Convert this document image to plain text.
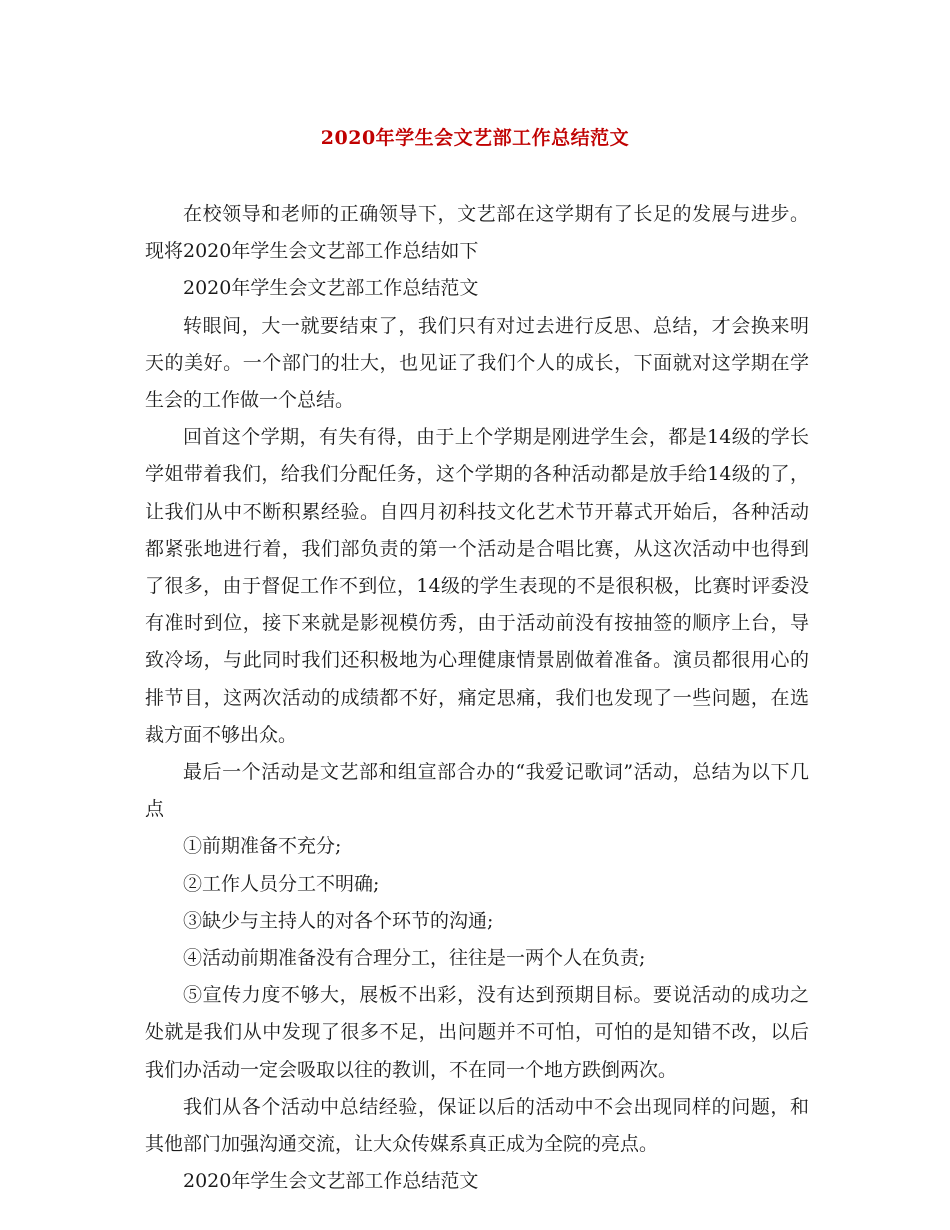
2020年学生会文艺部工作总结范文

在校领导和老师的正确领导下，文艺部在这学期有了长足的发展与进步。现将2020年学生会文艺部工作总结如下

2020年学生会文艺部工作总结范文

转眼间，大一就要结束了，我们只有对过去进行反思、总结，才会换来明天的美好。一个部门的壮大，也见证了我们个人的成长，下面就对这学期在学生会的工作做一个总结。

回首这个学期，有失有得，由于上个学期是刚进学生会，都是14级的学长学姐带着我们，给我们分配任务，这个学期的各种活动都是放手给14级的了，让我们从中不断积累经验。自四月初科技文化艺术节开幕式开始后，各种活动都紧张地进行着，我们部负责的第一个活动是合唱比赛，从这次活动中也得到了很多，由于督促工作不到位，14级的学生表现的不是很积极，比赛时评委没有准时到位，接下来就是影视模仿秀，由于活动前没有按抽签的顺序上台，导致冷场，与此同时我们还积极地为心理健康情景剧做着准备。演员都很用心的排节目，这两次活动的成绩都不好，痛定思痛，我们也发现了一些问题，在选裁方面不够出众。

最后一个活动是文艺部和组宣部合办的“我爱记歌词”活动，总结为以下几点

①前期准备不充分;

②工作人员分工不明确;

③缺少与主持人的对各个环节的沟通;

④活动前期准备没有合理分工，往往是一两个人在负责;

⑤宣传力度不够大，展板不出彩，没有达到预期目标。要说活动的成功之处就是我们从中发现了很多不足，出问题并不可怕，可怕的是知错不改，以后我们办活动一定会吸取以往的教训，不在同一个地方跌倒两次。

我们从各个活动中总结经验，保证以后的活动中不会出现同样的问题，和其他部门加强沟通交流，让大众传媒系真正成为全院的亮点。

2020年学生会文艺部工作总结范文
